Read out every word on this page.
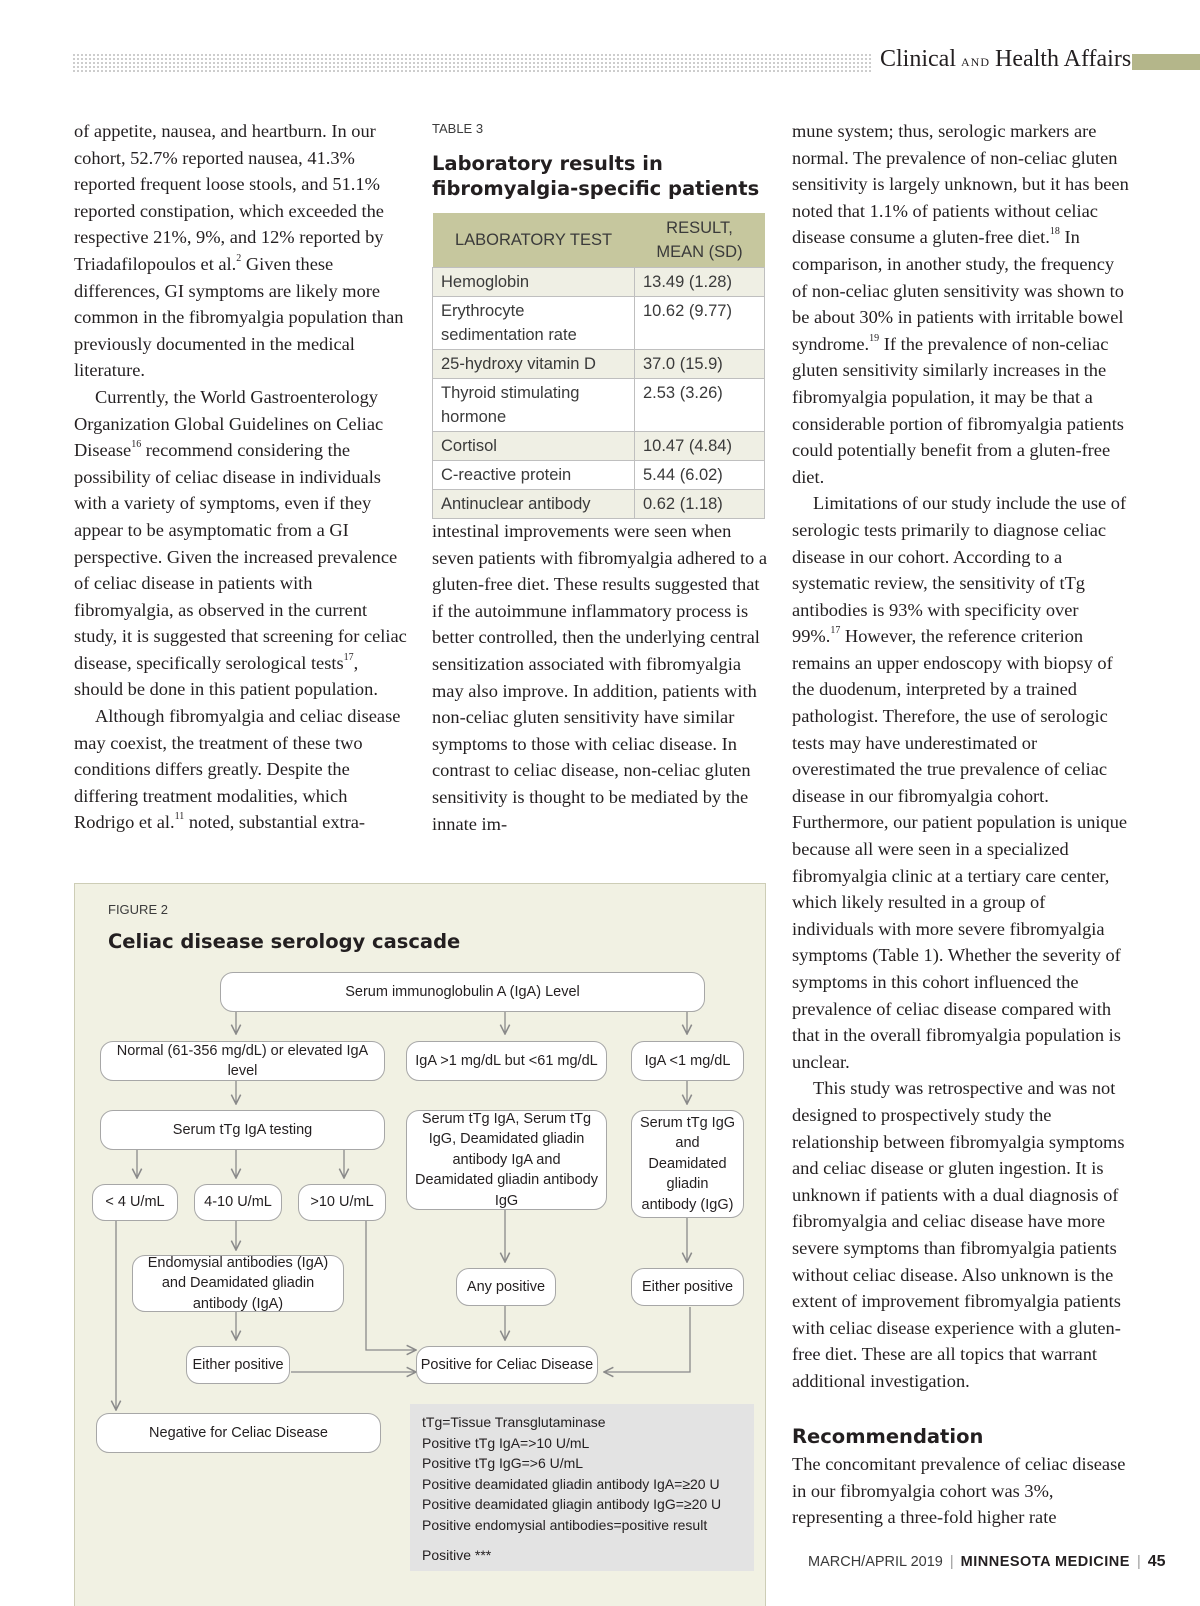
Clinical AND Health Affairs

of appetite, nausea, and heartburn. In our cohort, 52.7% reported nausea, 41.3% reported frequent loose stools, and 51.1% reported constipation, which exceeded the respective 21%, 9%, and 12% reported by Triadafilopoulos et al.$^2$ Given these differences, GI symptoms are likely more common in the fibromyalgia population than previously documented in the medical literature.

Currently, the World Gastroenterology Organization Global Guidelines on Celiac Disease$^{16}$ recommend considering the possibility of celiac disease in individuals with a variety of symptoms, even if they appear to be asymptomatic from a GI perspective. Given the increased prevalence of celiac disease in patients with fibromyalgia, as observed in the current study, it is suggested that screening for celiac disease, specifically serological tests$^{17}$, should be done in this patient population.

Although fibromyalgia and celiac disease may coexist, the treatment of these two conditions differs greatly. Despite the differing treatment modalities, which Rodrigo et al.$^{11}$ noted, substantial extra-

TABLE 3
Laboratory results in fibromyalgia-specific patients
LABORATORY TEST	RESULT, MEAN (SD)
Hemoglobin	13.49 (1.28)
Erythrocyte sedimentation rate	10.62 (9.77)
25-hydroxy vitamin D	37.0 (15.9)
Thyroid stimulating hormone	2.53 (3.26)
Cortisol	10.47 (4.84)
C-reactive protein	5.44 (6.02)
Antinuclear antibody	0.62 (1.18)

intestinal improvements were seen when seven patients with fibromyalgia adhered to a gluten-free diet. These results suggested that if the autoimmune inflammatory process is better controlled, then the underlying central sensitization associated with fibromyalgia may also improve. In addition, patients with non-celiac gluten sensitivity have similar symptoms to those with celiac disease. In contrast to celiac disease, non-celiac gluten sensitivity is thought to be mediated by the innate im-

mune system; thus, serologic markers are normal. The prevalence of non-celiac gluten sensitivity is largely unknown, but it has been noted that 1.1% of patients without celiac disease consume a gluten-free diet.$^{18}$ In comparison, in another study, the frequency of non-celiac gluten sensitivity was shown to be about 30% in patients with irritable bowel syndrome.$^{19}$ If the prevalence of non-celiac gluten sensitivity similarly increases in the fibromyalgia population, it may be that a considerable portion of fibromyalgia patients could potentially benefit from a gluten-free diet.

Limitations of our study include the use of serologic tests primarily to diagnose celiac disease in our cohort. According to a systematic review, the sensitivity of tTg antibodies is 93% with specificity over 99%.$^{17}$ However, the reference criterion remains an upper endoscopy with biopsy of the duodenum, interpreted by a trained pathologist. Therefore, the use of serologic tests may have underestimated or overestimated the true prevalence of celiac disease in our fibromyalgia cohort. Furthermore, our patient population is unique because all were seen in a specialized fibromyalgia clinic at a tertiary care center, which likely resulted in a group of individuals with more severe fibromyalgia symptoms (Table 1). Whether the severity of symptoms in this cohort influenced the prevalence of celiac disease compared with that in the overall fibromyalgia population is unclear.

This study was retrospective and was not designed to prospectively study the relationship between fibromyalgia symptoms and celiac disease or gluten ingestion. It is unknown if patients with a dual diagnosis of fibromyalgia and celiac disease have more severe symptoms than fibromyalgia patients without celiac disease. Also unknown is the extent of improvement fibromyalgia patients with celiac disease experience with a gluten-free diet. These are all topics that warrant additional investigation.

Recommendation

The concomitant prevalence of celiac disease in our fibromyalgia cohort was 3%, representing a three-fold higher rate

FIGURE 2
Celiac disease serology cascade
Serum immunoglobulin A (IgA) Level
Normal (61-356 mg/dL) or elevated IgA level
IgA >1 mg/dL but <61 mg/dL	IgA <1 mg/dL
Serum tTg IgA testing
Serum tTg IgA, Serum tTg IgG, Deamidated gliadin antibody IgA and Deamidated gliadin antibody IgG
Serum tTg IgG and Deamidated gliadin antibody (IgG)
< 4 U/mL	4-10 U/mL	>10 U/mL
Endomysial antibodies (IgA) and Deamidated gliadin antibody (IgA)
Any positive	Either positive
Either positive	Positive for Celiac Disease
Negative for Celiac Disease
tTg=Tissue Transglutaminase
Positive tTg IgA=>10 U/mL
Positive tTg IgG=>6 U/mL
Positive deamidated gliadin antibody IgA=≥20 U
Positive deamidated gliagin antibody IgG=≥20 U
Positive endomysial antibodies=positive result
Positive ***	MARCH/APRIL 2019 | MINNESOTA MEDICINE | 45
